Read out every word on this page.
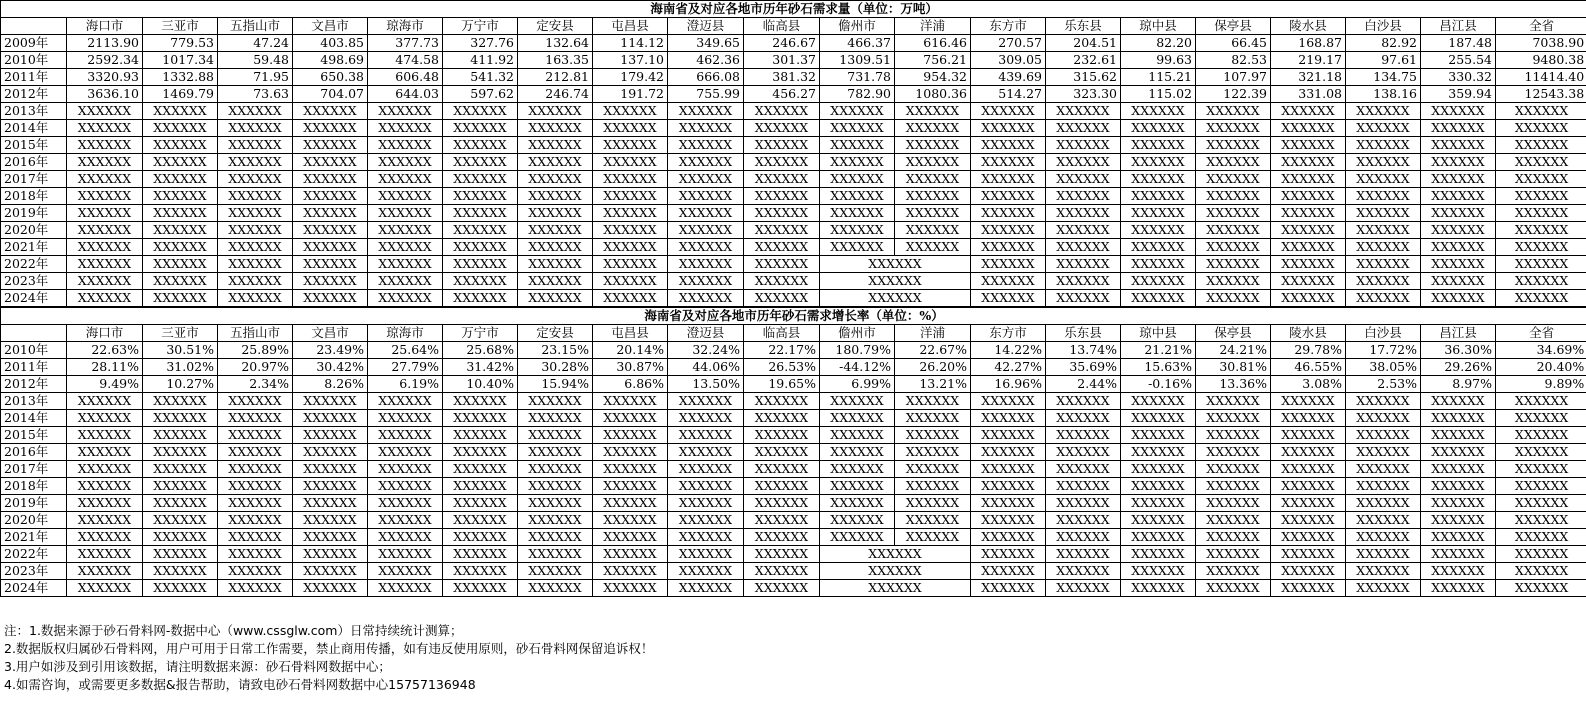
海南省及对应各地市历年砂石需求量（单位：万吨）																				
	海口市	三亚市	五指山市	文昌市	琼海市	万宁市	定安县	屯昌县	澄迈县	临高县	儋州市	洋浦	东方市	乐东县	琼中县	保亭县	陵水县	白沙县	昌江县	全省
2009年	2113.90	779.53	47.24	403.85	377.73	327.76	132.64	114.12	349.65	246.67	466.37	616.46	270.57	204.51	82.20	66.45	168.87	82.92	187.48	7038.90
2010年	2592.34	1017.34	59.48	498.69	474.58	411.92	163.35	137.10	462.36	301.37	1309.51	756.21	309.05	232.61	99.63	82.53	219.17	97.61	255.54	9480.38
2011年	3320.93	1332.88	71.95	650.38	606.48	541.32	212.81	179.42	666.08	381.32	731.78	954.32	439.69	315.62	115.21	107.97	321.18	134.75	330.32	11414.40
2012年	3636.10	1469.79	73.63	704.07	644.03	597.62	246.74	191.72	755.99	456.27	782.90	1080.36	514.27	323.30	115.02	122.39	331.08	138.16	359.94	12543.38
2013年	XXXXXX	XXXXXX	XXXXXX	XXXXXX	XXXXXX	XXXXXX	XXXXXX	XXXXXX	XXXXXX	XXXXXX	XXXXXX	XXXXXX	XXXXXX	XXXXXX	XXXXXX	XXXXXX	XXXXXX	XXXXXX	XXXXXX	XXXXXX
2014年	XXXXXX	XXXXXX	XXXXXX	XXXXXX	XXXXXX	XXXXXX	XXXXXX	XXXXXX	XXXXXX	XXXXXX	XXXXXX	XXXXXX	XXXXXX	XXXXXX	XXXXXX	XXXXXX	XXXXXX	XXXXXX	XXXXXX	XXXXXX
2015年	XXXXXX	XXXXXX	XXXXXX	XXXXXX	XXXXXX	XXXXXX	XXXXXX	XXXXXX	XXXXXX	XXXXXX	XXXXXX	XXXXXX	XXXXXX	XXXXXX	XXXXXX	XXXXXX	XXXXXX	XXXXXX	XXXXXX	XXXXXX
2016年	XXXXXX	XXXXXX	XXXXXX	XXXXXX	XXXXXX	XXXXXX	XXXXXX	XXXXXX	XXXXXX	XXXXXX	XXXXXX	XXXXXX	XXXXXX	XXXXXX	XXXXXX	XXXXXX	XXXXXX	XXXXXX	XXXXXX	XXXXXX
2017年	XXXXXX	XXXXXX	XXXXXX	XXXXXX	XXXXXX	XXXXXX	XXXXXX	XXXXXX	XXXXXX	XXXXXX	XXXXXX	XXXXXX	XXXXXX	XXXXXX	XXXXXX	XXXXXX	XXXXXX	XXXXXX	XXXXXX	XXXXXX
2018年	XXXXXX	XXXXXX	XXXXXX	XXXXXX	XXXXXX	XXXXXX	XXXXXX	XXXXXX	XXXXXX	XXXXXX	XXXXXX	XXXXXX	XXXXXX	XXXXXX	XXXXXX	XXXXXX	XXXXXX	XXXXXX	XXXXXX	XXXXXX
2019年	XXXXXX	XXXXXX	XXXXXX	XXXXXX	XXXXXX	XXXXXX	XXXXXX	XXXXXX	XXXXXX	XXXXXX	XXXXXX	XXXXXX	XXXXXX	XXXXXX	XXXXXX	XXXXXX	XXXXXX	XXXXXX	XXXXXX	XXXXXX
2020年	XXXXXX	XXXXXX	XXXXXX	XXXXXX	XXXXXX	XXXXXX	XXXXXX	XXXXXX	XXXXXX	XXXXXX	XXXXXX	XXXXXX	XXXXXX	XXXXXX	XXXXXX	XXXXXX	XXXXXX	XXXXXX	XXXXXX	XXXXXX
2021年	XXXXXX	XXXXXX	XXXXXX	XXXXXX	XXXXXX	XXXXXX	XXXXXX	XXXXXX	XXXXXX	XXXXXX	XXXXXX	XXXXXX	XXXXXX	XXXXXX	XXXXXX	XXXXXX	XXXXXX	XXXXXX	XXXXXX	XXXXXX
2022年	XXXXXX	XXXXXX	XXXXXX	XXXXXX	XXXXXX	XXXXXX	XXXXXX	XXXXXX	XXXXXX	XXXXXX	XXXXXX		XXXXXX	XXXXXX	XXXXXX	XXXXXX	XXXXXX	XXXXXX	XXXXXX	XXXXXX
2023年	XXXXXX	XXXXXX	XXXXXX	XXXXXX	XXXXXX	XXXXXX	XXXXXX	XXXXXX	XXXXXX	XXXXXX	XXXXXX		XXXXXX	XXXXXX	XXXXXX	XXXXXX	XXXXXX	XXXXXX	XXXXXX	XXXXXX
2024年	XXXXXX	XXXXXX	XXXXXX	XXXXXX	XXXXXX	XXXXXX	XXXXXX	XXXXXX	XXXXXX	XXXXXX	XXXXXX		XXXXXX	XXXXXX	XXXXXX	XXXXXX	XXXXXX	XXXXXX	XXXXXX	XXXXXX
海南省及对应各地市历年砂石需求增长率（单位：%）																				
	海口市	三亚市	五指山市	文昌市	琼海市	万宁市	定安县	屯昌县	澄迈县	临高县	儋州市	洋浦	东方市	乐东县	琼中县	保亭县	陵水县	白沙县	昌江县	全省
2010年	22.63%	30.51%	25.89%	23.49%	25.64%	25.68%	23.15%	20.14%	32.24%	22.17%	180.79%	22.67%	14.22%	13.74%	21.21%	24.21%	29.78%	17.72%	36.30%	34.69%
2011年	28.11%	31.02%	20.97%	30.42%	27.79%	31.42%	30.28%	30.87%	44.06%	26.53%	-44.12%	26.20%	42.27%	35.69%	15.63%	30.81%	46.55%	38.05%	29.26%	20.40%
2012年	9.49%	10.27%	2.34%	8.26%	6.19%	10.40%	15.94%	6.86%	13.50%	19.65%	6.99%	13.21%	16.96%	2.44%	-0.16%	13.36%	3.08%	2.53%	8.97%	9.89%
2013年	XXXXXX	XXXXXX	XXXXXX	XXXXXX	XXXXXX	XXXXXX	XXXXXX	XXXXXX	XXXXXX	XXXXXX	XXXXXX	XXXXXX	XXXXXX	XXXXXX	XXXXXX	XXXXXX	XXXXXX	XXXXXX	XXXXXX	XXXXXX
2014年	XXXXXX	XXXXXX	XXXXXX	XXXXXX	XXXXXX	XXXXXX	XXXXXX	XXXXXX	XXXXXX	XXXXXX	XXXXXX	XXXXXX	XXXXXX	XXXXXX	XXXXXX	XXXXXX	XXXXXX	XXXXXX	XXXXXX	XXXXXX
2015年	XXXXXX	XXXXXX	XXXXXX	XXXXXX	XXXXXX	XXXXXX	XXXXXX	XXXXXX	XXXXXX	XXXXXX	XXXXXX	XXXXXX	XXXXXX	XXXXXX	XXXXXX	XXXXXX	XXXXXX	XXXXXX	XXXXXX	XXXXXX
2016年	XXXXXX	XXXXXX	XXXXXX	XXXXXX	XXXXXX	XXXXXX	XXXXXX	XXXXXX	XXXXXX	XXXXXX	XXXXXX	XXXXXX	XXXXXX	XXXXXX	XXXXXX	XXXXXX	XXXXXX	XXXXXX	XXXXXX	XXXXXX
2017年	XXXXXX	XXXXXX	XXXXXX	XXXXXX	XXXXXX	XXXXXX	XXXXXX	XXXXXX	XXXXXX	XXXXXX	XXXXXX	XXXXXX	XXXXXX	XXXXXX	XXXXXX	XXXXXX	XXXXXX	XXXXXX	XXXXXX	XXXXXX
2018年	XXXXXX	XXXXXX	XXXXXX	XXXXXX	XXXXXX	XXXXXX	XXXXXX	XXXXXX	XXXXXX	XXXXXX	XXXXXX	XXXXXX	XXXXXX	XXXXXX	XXXXXX	XXXXXX	XXXXXX	XXXXXX	XXXXXX	XXXXXX
2019年	XXXXXX	XXXXXX	XXXXXX	XXXXXX	XXXXXX	XXXXXX	XXXXXX	XXXXXX	XXXXXX	XXXXXX	XXXXXX	XXXXXX	XXXXXX	XXXXXX	XXXXXX	XXXXXX	XXXXXX	XXXXXX	XXXXXX	XXXXXX
2020年	XXXXXX	XXXXXX	XXXXXX	XXXXXX	XXXXXX	XXXXXX	XXXXXX	XXXXXX	XXXXXX	XXXXXX	XXXXXX	XXXXXX	XXXXXX	XXXXXX	XXXXXX	XXXXXX	XXXXXX	XXXXXX	XXXXXX	XXXXXX
2021年	XXXXXX	XXXXXX	XXXXXX	XXXXXX	XXXXXX	XXXXXX	XXXXXX	XXXXXX	XXXXXX	XXXXXX	XXXXXX	XXXXXX	XXXXXX	XXXXXX	XXXXXX	XXXXXX	XXXXXX	XXXXXX	XXXXXX	XXXXXX
2022年	XXXXXX	XXXXXX	XXXXXX	XXXXXX	XXXXXX	XXXXXX	XXXXXX	XXXXXX	XXXXXX	XXXXXX	XXXXXX		XXXXXX	XXXXXX	XXXXXX	XXXXXX	XXXXXX	XXXXXX	XXXXXX	XXXXXX
2023年	XXXXXX	XXXXXX	XXXXXX	XXXXXX	XXXXXX	XXXXXX	XXXXXX	XXXXXX	XXXXXX	XXXXXX	XXXXXX		XXXXXX	XXXXXX	XXXXXX	XXXXXX	XXXXXX	XXXXXX	XXXXXX	XXXXXX
2024年	XXXXXX	XXXXXX	XXXXXX	XXXXXX	XXXXXX	XXXXXX	XXXXXX	XXXXXX	XXXXXX	XXXXXX	XXXXXX		XXXXXX	XXXXXX	XXXXXX	XXXXXX	XXXXXX	XXXXXX	XXXXXX	XXXXXX
注：1.数据来源于砂石骨料网-数据中心（www.cssglw.com）日常持续统计测算；
2.数据版权归属砂石骨料网，用户可用于日常工作需要，禁止商用传播，如有违反使用原则，砂石骨料网保留追诉权！
3.用户如涉及到引用该数据，请注明数据来源：砂石骨料网数据中心；
4.如需咨询，或需要更多数据&报告帮助，请致电砂石骨料网数据中心15757136948
